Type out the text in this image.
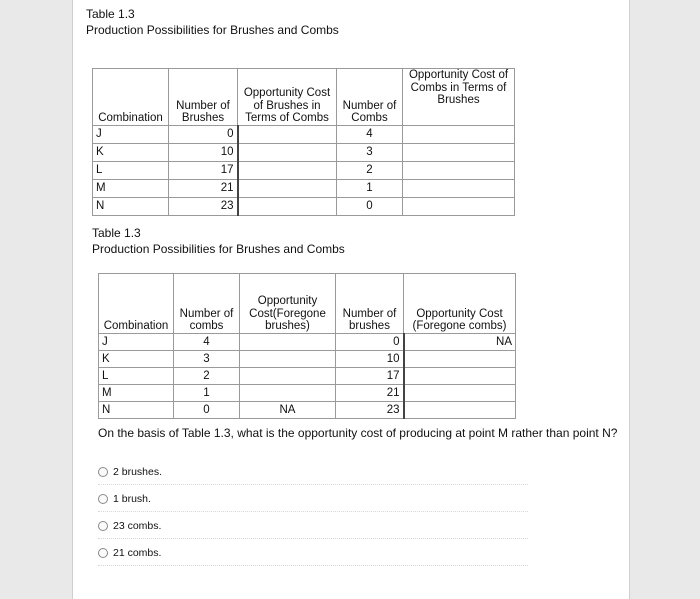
Table 1.3
Production Possibilities for Brushes and Combs
Combination	Number of Brushes	Opportunity Cost of Brushes in Terms of Combs	Number of Combs	Opportunity Cost of Combs in Terms of Brushes
J	0		4	
K	10		3	
L	17		2	
M	21		1	
N	23		0	
Table 1.3
Production Possibilities for Brushes and Combs
Combination	Number of combs	Opportunity Cost(Foregone brushes)	Number of brushes	Opportunity Cost (Foregone combs)
J	4		0	NA
K	3		10	
L	2		17	
M	1		21	
N	0	NA	23	
On the basis of Table 1.3, what is the opportunity cost of producing at point M rather than point N?
2 brushes.
1 brush.
23 combs.
21 combs.
